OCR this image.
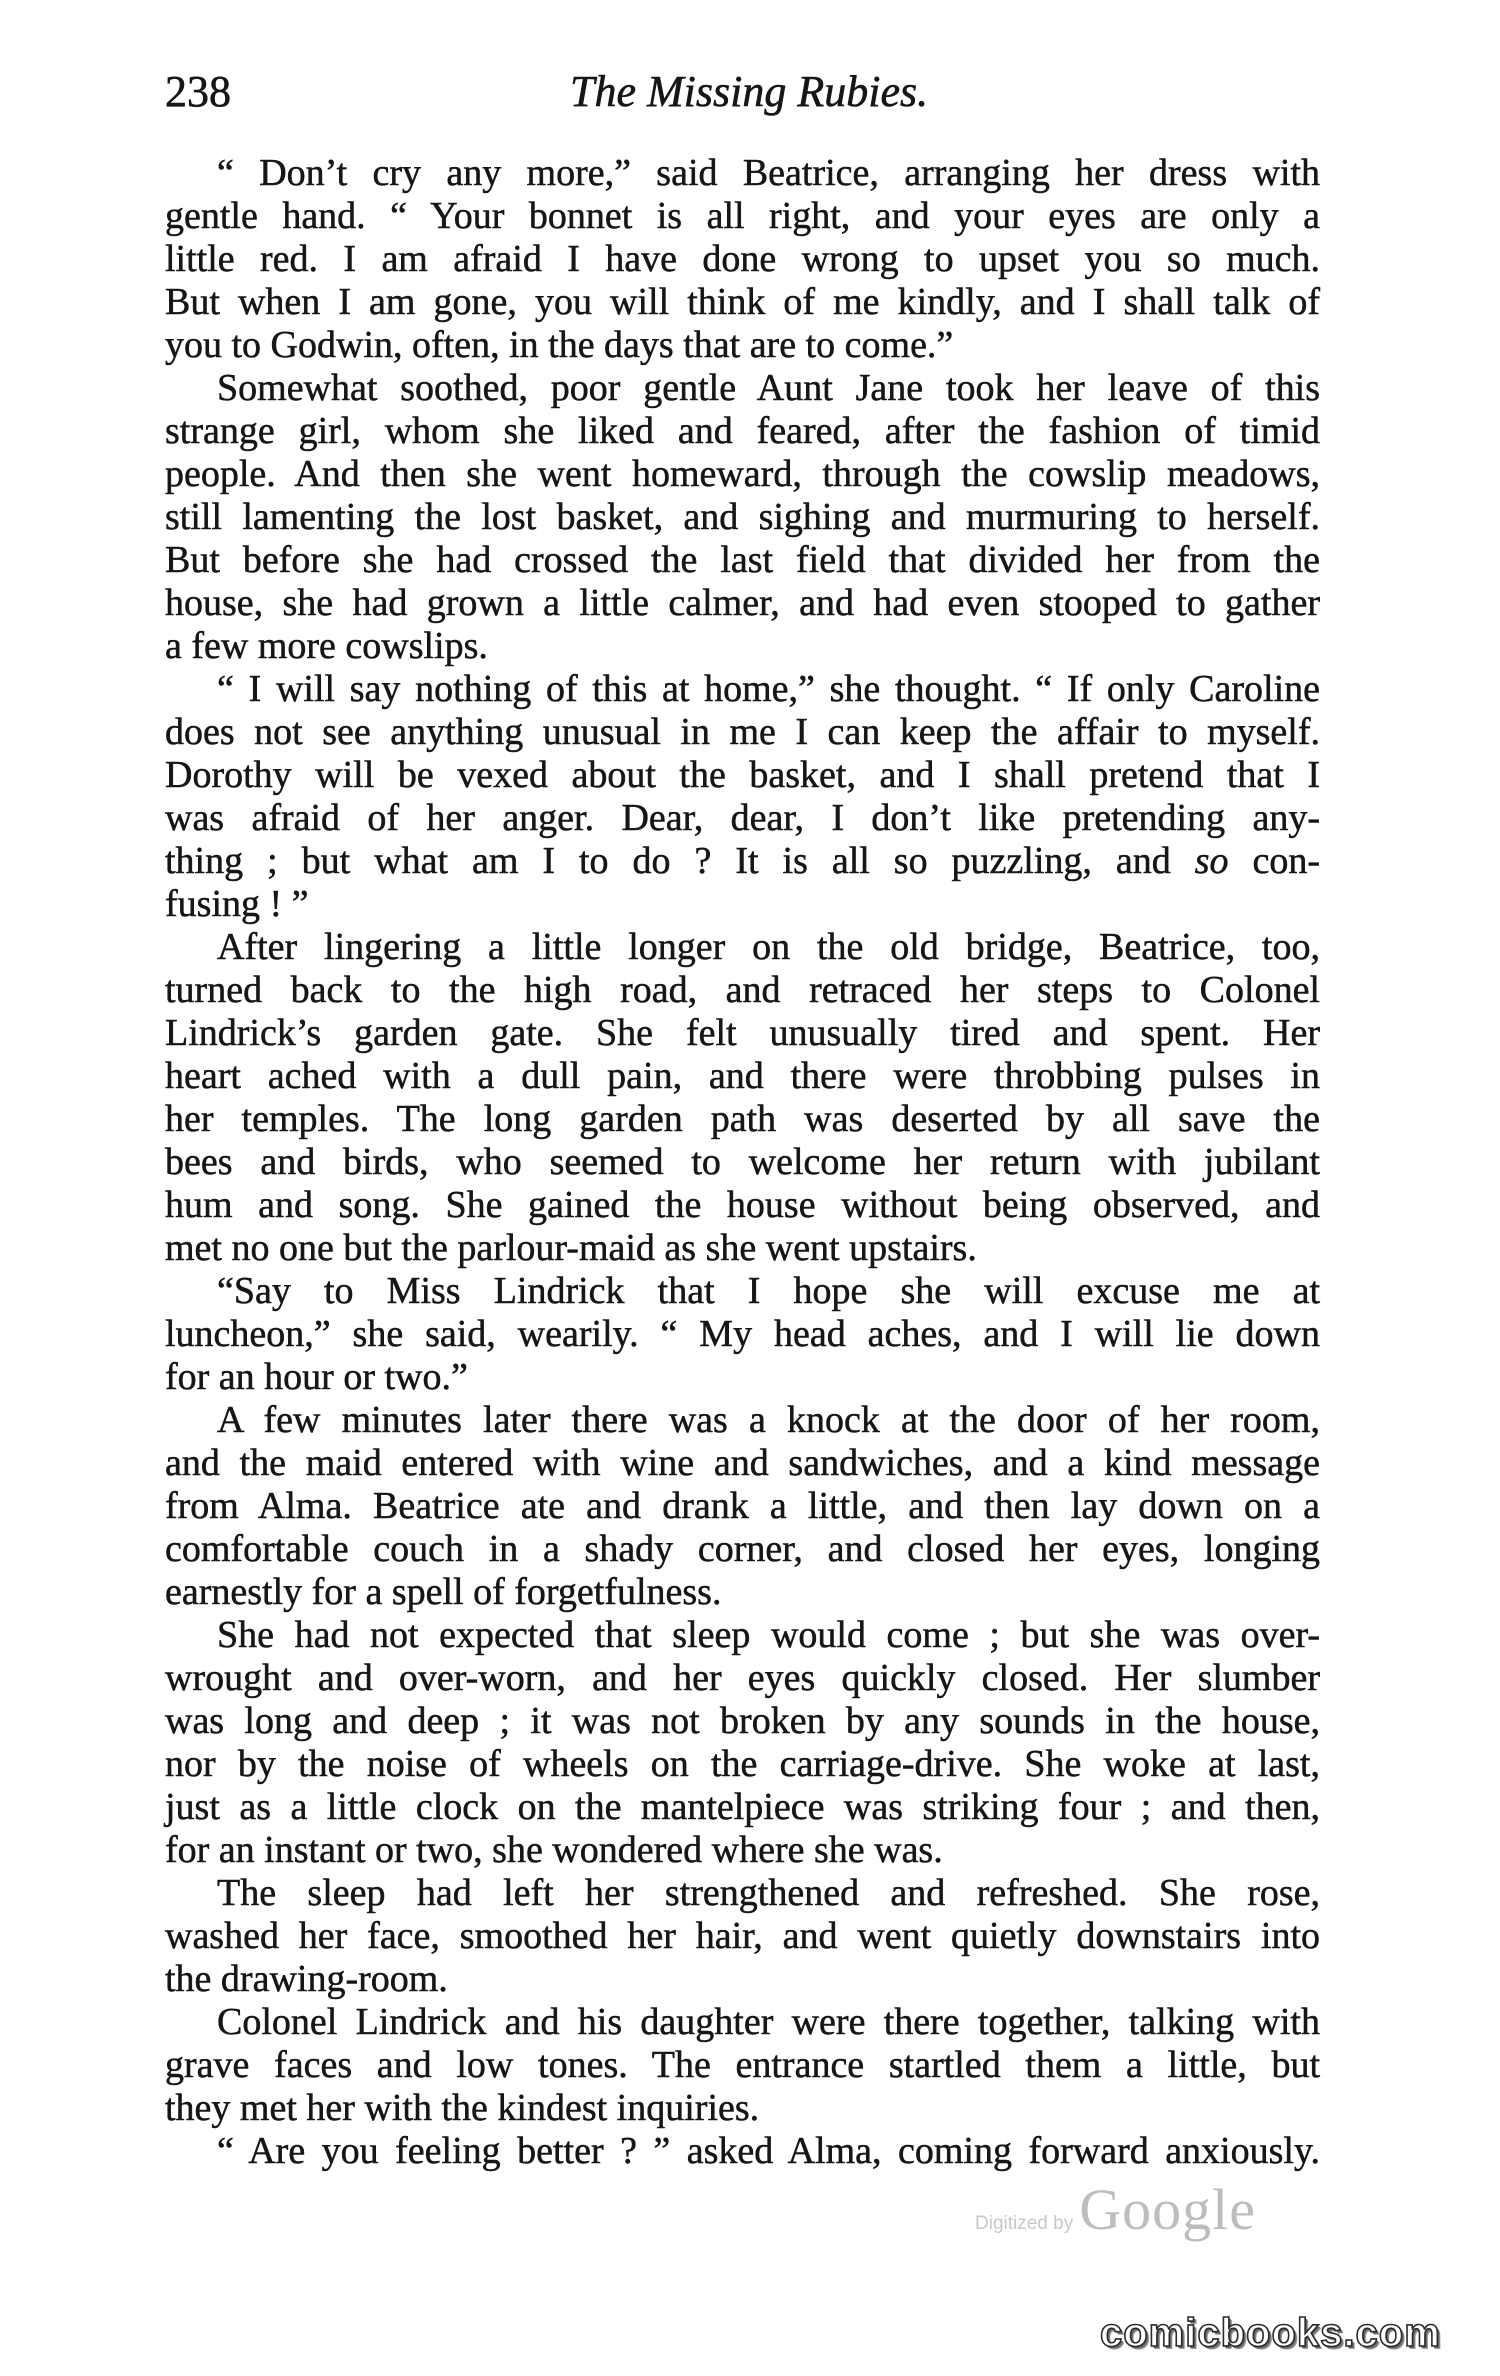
238	The Missing Rubies.
“ Don’t cry any more,” said Beatrice, arranging her dress with
gentle hand. “ Your bonnet is all right, and your eyes are only a
little red. I am afraid I have done wrong to upset you so much.
But when I am gone, you will think of me kindly, and I shall talk of
you to Godwin, often, in the days that are to come.”
Somewhat soothed, poor gentle Aunt Jane took her leave of this
strange girl, whom she liked and feared, after the fashion of timid
people. And then she went homeward, through the cowslip meadows,
still lamenting the lost basket, and sighing and murmuring to herself.
But before she had crossed the last field that divided her from the
house, she had grown a little calmer, and had even stooped to gather
a few more cowslips.
“ I will say nothing of this at home,” she thought. “ If only Caroline
does not see anything unusual in me I can keep the affair to myself.
Dorothy will be vexed about the basket, and I shall pretend that I
was afraid of her anger. Dear, dear, I don’t like pretending any-
thing ; but what am I to do ? It is all so puzzling, and so con-
fusing ! ”
After lingering a little longer on the old bridge, Beatrice, too,
turned back to the high road, and retraced her steps to Colonel
Lindrick’s garden gate. She felt unusually tired and spent. Her
heart ached with a dull pain, and there were throbbing pulses in
her temples. The long garden path was deserted by all save the
bees and birds, who seemed to welcome her return with jubilant
hum and song. She gained the house without being observed, and
met no one but the parlour-maid as she went upstairs.
“Say to Miss Lindrick that I hope she will excuse me at
luncheon,” she said, wearily. “ My head aches, and I will lie down
for an hour or two.”
A few minutes later there was a knock at the door of her room,
and the maid entered with wine and sandwiches, and a kind message
from Alma. Beatrice ate and drank a little, and then lay down on a
comfortable couch in a shady corner, and closed her eyes, longing
earnestly for a spell of forgetfulness.
She had not expected that sleep would come ; but she was over-
wrought and over-worn, and her eyes quickly closed. Her slumber
was long and deep ; it was not broken by any sounds in the house,
nor by the noise of wheels on the carriage-drive. She woke at last,
just as a little clock on the mantelpiece was striking four ; and then,
for an instant or two, she wondered where she was.
The sleep had left her strengthened and refreshed. She rose,
washed her face, smoothed her hair, and went quietly downstairs into
the drawing-room.
Colonel Lindrick and his daughter were there together, talking with
grave faces and low tones. The entrance startled them a little, but
they met her with the kindest inquiries.
“ Are you feeling better ? ” asked Alma, coming forward anxiously.
Digitized by Google
comicbooks.com
